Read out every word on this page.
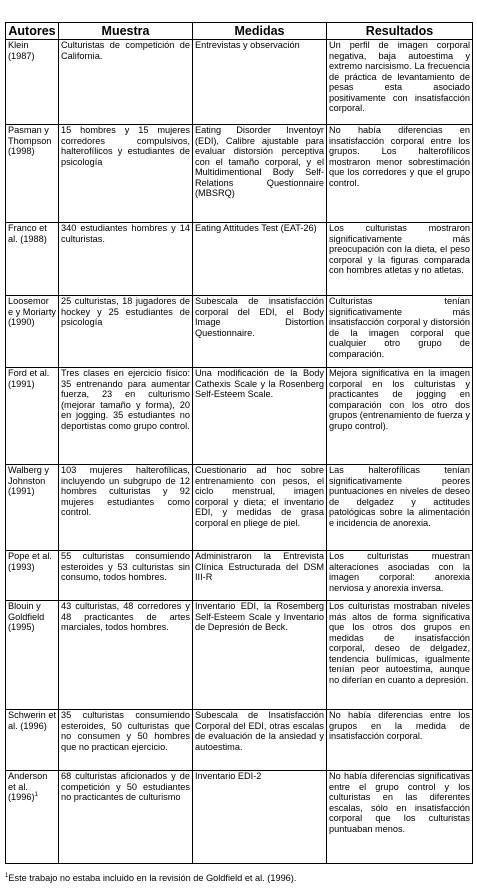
Autores	Muestra	Medidas	Resultados
Klein (1987)	Culturistas de competición de California.	Entrevistas y observación	Un perfil de imagen corporal negativa, baja autoestima y extremo narcisismo. La frecuencia de práctica de levantamiento de pesas esta asociado positivamente con insatisfacción corporal.
Pasman y Thompson (1998)	15 hombres y 15 mujeres corredores compulsivos, halterofílicos y estudiantes de psicología	Eating Disorder Inventoyr (EDI), Calibre ajustable para evaluar distorsión perceptiva con el tamaño corporal, y el Multidimentional Body Self-Relations Questionnaire (MBSRQ)	No había diferencias en insatisfacción corporal entre los grupos. Los halterofílicos mostraron menor sobrestimación que los corredores y que el grupo control.
Franco et al. (1988)	340 estudiantes hombres y 14 culturistas.	Eating Attitudes Test (EAT-26)	Los culturistas mostraron significativamente más preocupación con la dieta, el peso corporal y la figuras comparada con hombres atletas y no atletas.
Loosemor e y Moriarty (1990)	25 culturistas, 18 jugadores de hockey y 25 estudiantes de psicología	Subescala de insatisfacción corporal del EDI, el Body Image Distortion Questionnaire.	Culturistas tenían significativamente más insatisfacción corporal y distorsión de la imagen corporal que cualquier otro grupo de comparación.
Ford et al. (1991)	Tres clases en ejercicio físico: 35 entrenando para aumentar fuerza, 23 en culturismo (mejorar tamaño y forma), 20 en jogging. 35 estudiantes no deportistas como grupo control.	Una modificación de la Body Cathexis Scale y la Rosenberg Self-Esteem Scale.	Mejora significativa en la imagen corporal en los culturistas y practicantes de jogging en comparación con los otro dos grupos (entrenamiento de fuerza y grupo control).
Walberg y Johnston (1991)	103 mujeres halterofílicas, incluyendo un subgrupo de 12 hombres culturistas y 92 mujeres estudiantes como control.	Cuestionario ad hoc sobre entrenamiento con pesos, el ciclo menstrual, imagen corporal y dieta; el inventario EDI, y medidas de grasa corporal en pliege de piel.	Las halterofílicas tenían significativamente peores puntuaciones en niveles de deseo de delgadez y actitudes patológicas sobre la alimentación e incidencia de anorexia.
Pope et al. (1993)	55 culturistas consumiendo esteroides y 53 culturistas sin consumo, todos hombres.	Administraron la Entrevista Clínica Estructurada del DSM III-R	Los culturistas muestran alteraciones asociadas con la imagen corporal: anorexia nerviosa y anorexia inversa.
Blouin y Goldfield (1995)	43 culturistas, 48 corredores y 48 practicantes de artes marciales, todos hombres.	Inventario EDI, la Rosemberg Self-Esteem Scale y Inventario de Depresión de Beck.	Los culturistas mostraban niveles más altos de forma significativa que los otros dos grupos en medidas de insatisfacción corporal, deseo de delgadez, tendencia bulímicas, igualmente tenían peor autoestima, aunque no diferían en cuanto a depresión.
Schwerin et al. (1996)	35 culturistas consumiendo esteroides, 50 culturistas que no consumen y 50 hombres que no practican ejercicio.	Subescala de Insatisfacción Corporal del EDI, otras escalas de evaluación de la ansiedad y autoestima.	No había diferencias entre los grupos en la medida de insatisfacción corporal.
Anderson et al. $(1996)^1$	68 culturistas aficionados y de competición y 50 estudiantes no practicantes de culturismo	Inventario EDI-2	No había diferencias significativas entre el grupo control y los culturistas en las diferentes escalas, sólo en insatisfacción corporal que los culturistas puntuaban menos.
$^1$Este trabajo no estaba incluido en la revisión de Goldfield et al. (1996).
